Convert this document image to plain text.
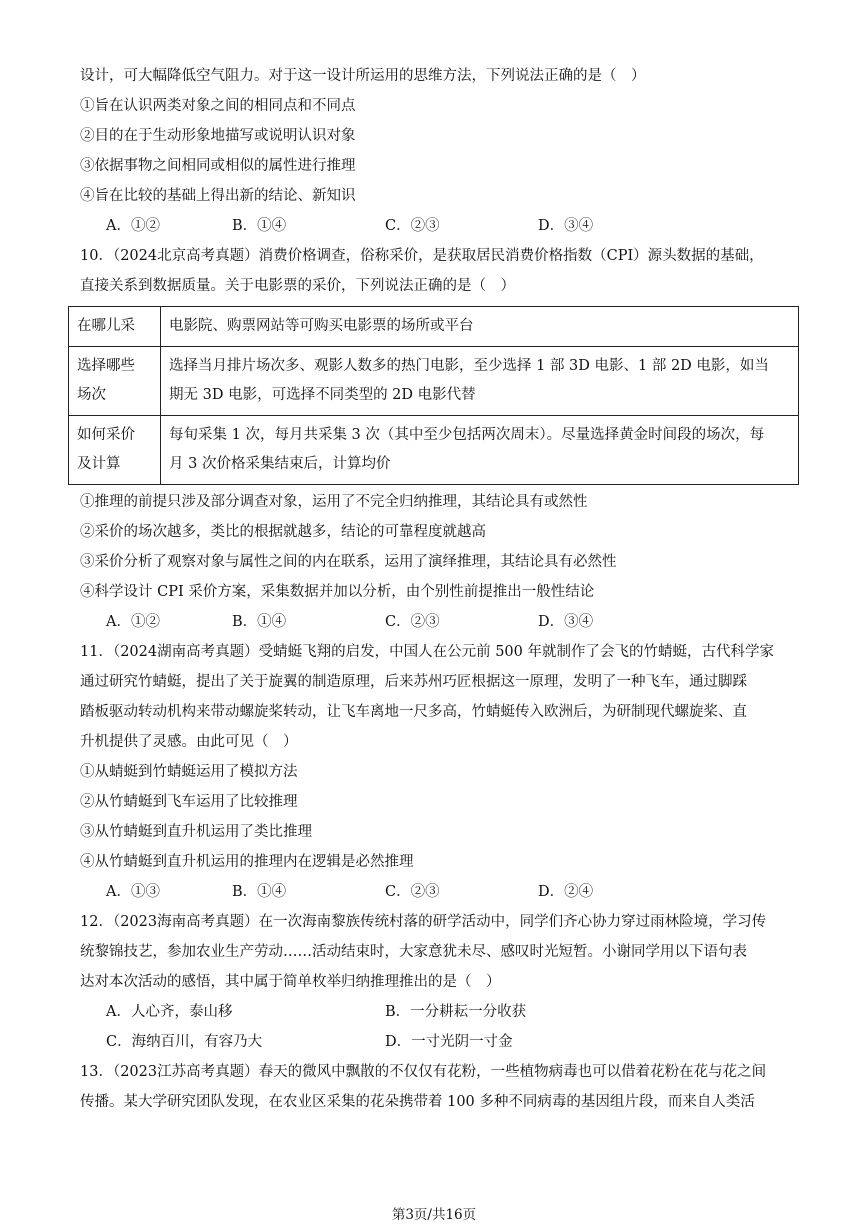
设计，可大幅降低空气阻力。对于这一设计所运用的思维方法，下列说法正确的是（　）
①旨在认识两类对象之间的相同点和不同点
②目的在于生动形象地描写或说明认识对象
③依据事物之间相同或相似的属性进行推理
④旨在比较的基础上得出新的结论、新知识
A．①②	B．①④	C．②③	D．③④
10．（2024北京高考真题）消费价格调查，俗称采价，是获取居民消费价格指数（CPI）源头数据的基础，
直接关系到数据质量。关于电影票的采价，下列说法正确的是（　）
在哪儿采	电影院、购票网站等可购买电影票的场所或平台
选择哪些
场次	选择当月排片场次多、观影人数多的热门电影，至少选择 1 部 3D 电影、1 部 2D 电影，如当
期无 3D 电影，可选择不同类型的 2D 电影代替
如何采价
及计算	每旬采集 1 次，每月共采集 3 次（其中至少包括两次周末）。尽量选择黄金时间段的场次，每
月 3 次价格采集结束后，计算均价
①推理的前提只涉及部分调查对象，运用了不完全归纳推理，其结论具有或然性
②采价的场次越多，类比的根据就越多，结论的可靠程度就越高
③采价分析了观察对象与属性之间的内在联系，运用了演绎推理，其结论具有必然性
④科学设计 CPI 采价方案，采集数据并加以分析，由个别性前提推出一般性结论
A．①②	B．①④	C．②③	D．③④
11．（2024湖南高考真题）受蜻蜓飞翔的启发，中国人在公元前 500 年就制作了会飞的竹蜻蜓，古代科学家
通过研究竹蜻蜓，提出了关于旋翼的制造原理，后来苏州巧匠根据这一原理，发明了一种飞车，通过脚踩
踏板驱动转动机构来带动螺旋桨转动，让飞车离地一尺多高，竹蜻蜓传入欧洲后，为研制现代螺旋桨、直
升机提供了灵感。由此可见（　）
①从蜻蜓到竹蜻蜓运用了模拟方法
②从竹蜻蜓到飞车运用了比较推理
③从竹蜻蜓到直升机运用了类比推理
④从竹蜻蜓到直升机运用的推理内在逻辑是必然推理
A．①③	B．①④	C．②③	D．②④
12．（2023海南高考真题）在一次海南黎族传统村落的研学活动中，同学们齐心协力穿过雨林险境，学习传
统黎锦技艺，参加农业生产劳动……活动结束时，大家意犹未尽、感叹时光短暂。小谢同学用以下语句表
达对本次活动的感悟，其中属于简单枚举归纳推理推出的是（　）
A．人心齐，泰山移	B．一分耕耘一分收获
C．海纳百川，有容乃大	D．一寸光阴一寸金
13．（2023江苏高考真题）春天的微风中飘散的不仅仅有花粉，一些植物病毒也可以借着花粉在花与花之间
传播。某大学研究团队发现，在农业区采集的花朵携带着 100 多种不同病毒的基因组片段，而来自人类活
第3页/共16页
